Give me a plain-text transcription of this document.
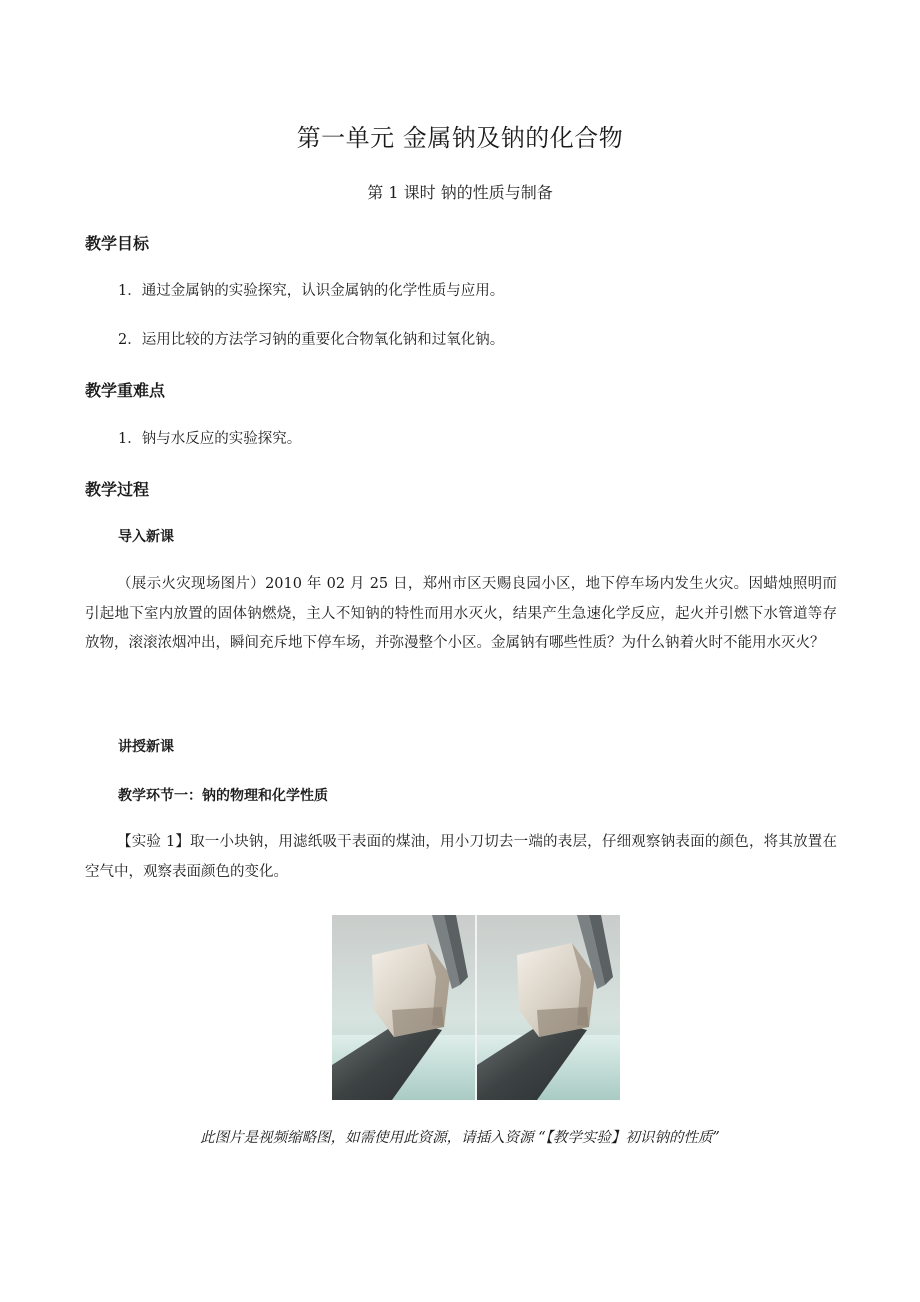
第一单元 金属钠及钠的化合物
第 1 课时 钠的性质与制备
教学目标
1．通过金属钠的实验探究，认识金属钠的化学性质与应用。
2．运用比较的方法学习钠的重要化合物氧化钠和过氧化钠。
教学重难点
1．钠与水反应的实验探究。
教学过程
导入新课
（展示火灾现场图片）2010 年 02 月 25 日，郑州市区天赐良园小区，地下停车场内发生火灾。因蜡烛照明而引起地下室内放置的固体钠燃烧，主人不知钠的特性而用水灭火，结果产生急速化学反应，起火并引燃下水管道等存放物，滚滚浓烟冲出，瞬间充斥地下停车场，并弥漫整个小区。金属钠有哪些性质？为什么钠着火时不能用水灭火？
讲授新课
教学环节一：钠的物理和化学性质
【实验 1】取一小块钠，用滤纸吸干表面的煤油，用小刀切去一端的表层，仔细观察钠表面的颜色，将其放置在空气中，观察表面颜色的变化。
此图片是视频缩略图，如需使用此资源，请插入资源 “【教学实验】初识钠的性质”
